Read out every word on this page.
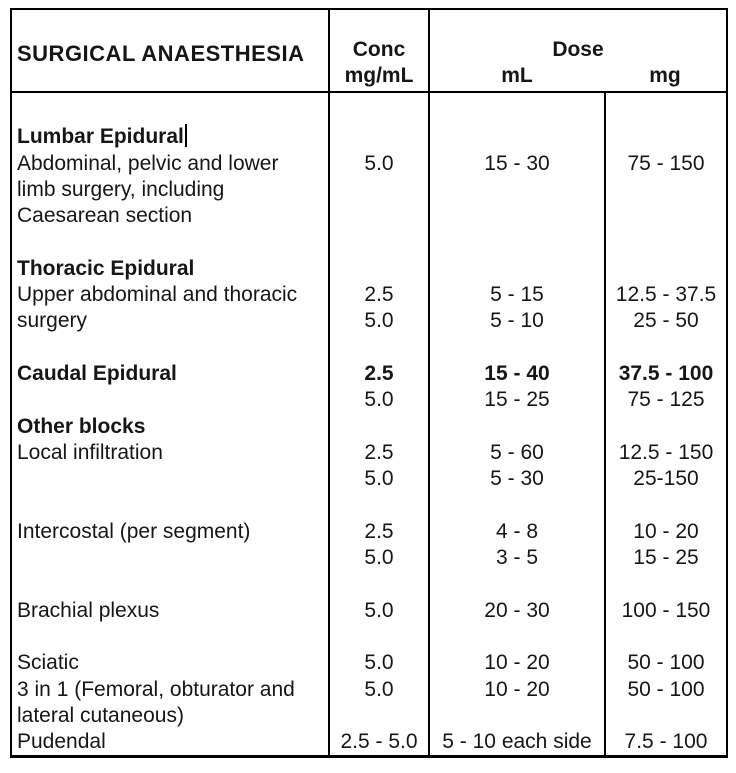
SURGICAL ANAESTHESIA Conc
mg/mL
Dose
mL	mg
Lumbar Epidural
Abdominal, pelvic and lower
limb surgery, including
Caesarean section
Thoracic Epidural
Upper abdominal and thoracic
surgery
Caudal Epidural
Other blocks
Local infiltration
Intercostal (per segment)
Brachial plexus
Sciatic
3 in 1 (Femoral, obturator and
lateral cutaneous)
Pudendal
5.0
2.5
5.0
2.5
5.0
2.5
5.0
2.5
5.0
5.0
5.0
5.0
2.5 - 5.0
15 - 30
5 - 15
5 - 10
15 - 40
15 - 25
5 - 60
5 - 30
4 - 8
3 - 5
20 - 30
10 - 20
10 - 20
5 - 10 each side
75 - 150
12.5 - 37.5
25 - 50
37.5 - 100
75 - 125
12.5 - 150
25-150
10 - 20
15 - 25
100 - 150
50 - 100
50 - 100
7.5 - 100
